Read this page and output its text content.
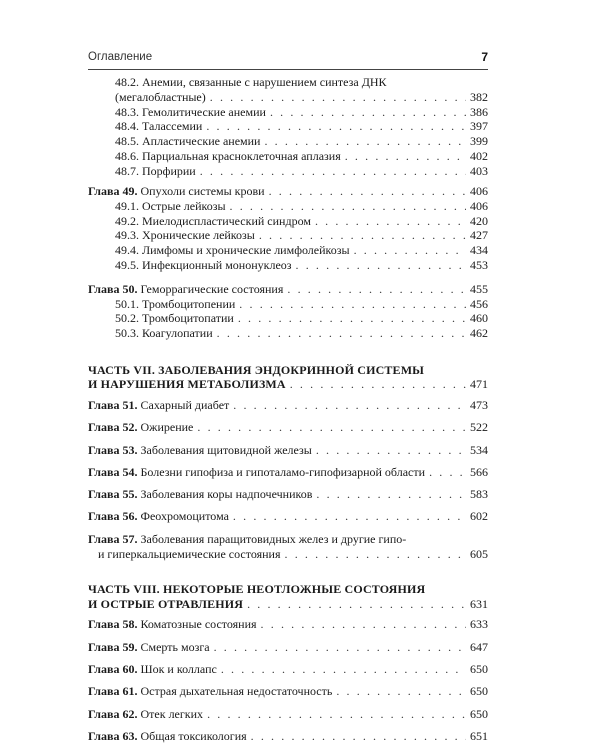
Оглавление	7
48.2. Анемии, связанные с нарушением синтеза ДНК
(мегалобластные) . . .	382
48.3. Гемолитические анемии . . .	386
48.4. Талассемии . . .	397
48.5. Апластические анемии . . .	399
48.6. Парциальная красноклеточная аплазия . . .	402
48.7. Порфирии . . .	403
Глава 49. Опухоли системы крови . . .	406
49.1. Острые лейкозы . . .	406
49.2. Миелодиспластический синдром . . .	420
49.3. Хронические лейкозы . . .	427
49.4. Лимфомы и хронические лимфолейкозы . . .	434
49.5. Инфекционный мононуклеоз . . .	453
Глава 50. Геморрагические состояния . . .	455
50.1. Тромбоцитопении . . .	456
50.2. Тромбоцитопатии . . .	460
50.3. Коагулопатии . . .	462
ЧАСТЬ VII. ЗАБОЛЕВАНИЯ ЭНДОКРИННОЙ СИСТЕМЫ
И НАРУШЕНИЯ МЕТАБОЛИЗМА . . .	471
Глава 51. Сахарный диабет . . .	473
Глава 52. Ожирение . . .	522
Глава 53. Заболевания щитовидной железы . . .	534
Глава 54. Болезни гипофиза и гипоталамо-гипофизарной области . . .	566
Глава 55. Заболевания коры надпочечников . . .	583
Глава 56. Феохромоцитома . . .	602
Глава 57. Заболевания паращитовидных желез и другие гипо-
и гиперкальциемические состояния . . .	605
ЧАСТЬ VIII. НЕКОТОРЫЕ НЕОТЛОЖНЫЕ СОСТОЯНИЯ
И ОСТРЫЕ ОТРАВЛЕНИЯ . . .	631
Глава 58. Коматозные состояния . . .	633
Глава 59. Смерть мозга . . .	647
Глава 60. Шок и коллапс . . .	650
Глава 61. Острая дыхательная недостаточность . . .	650
Глава 62. Отек легких . . .	650
Глава 63. Общая токсикология . . .	651
